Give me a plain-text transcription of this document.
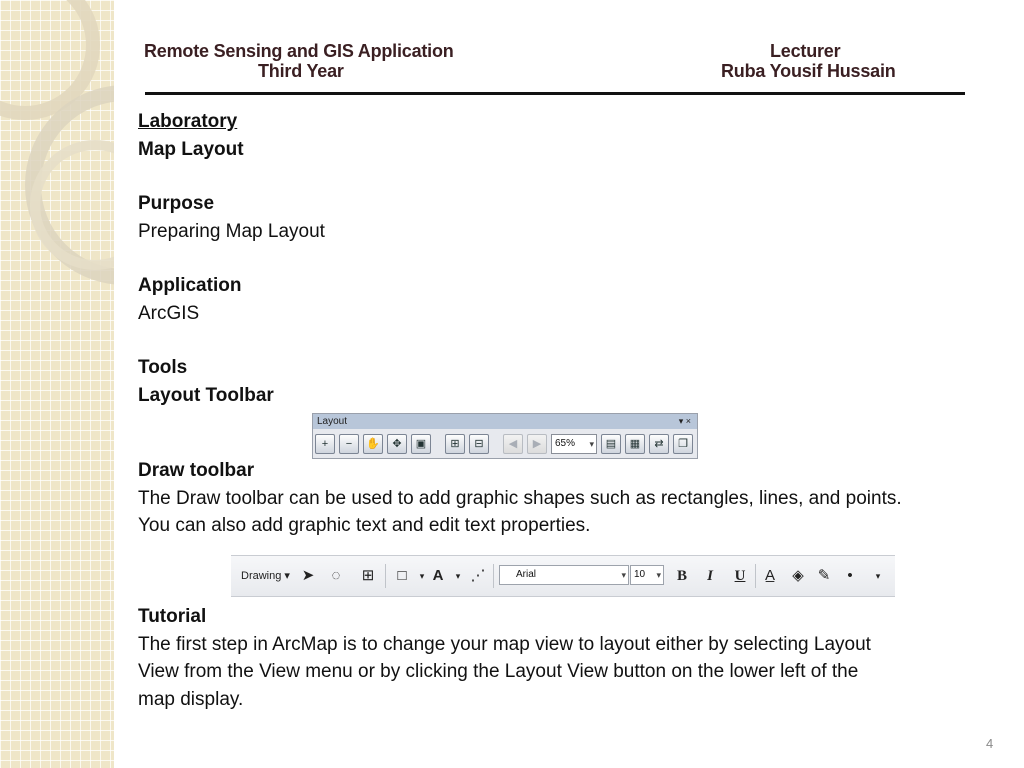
Remote Sensing and GIS Application
Third Year
Lecturer
Ruba Yousif Hussain
Laboratory
Map Layout
Purpose
Preparing Map Layout
Application
ArcGIS
Tools
Layout Toolbar
Layout	▾ ×
+	−	✋	✥	▣	⊞	⊟	◀	▶	65% ▾	▤	▦	⇄	❐
Draw toolbar
The Draw toolbar can be used to add graphic shapes such as rectangles, lines, and points.
You can also add graphic text and edit text properties.
Drawing ▾ ➤	◌	⊞	□	▾ A	▾ ⋰	Arial	▾ 10 ▾	B	I	U	A̲	◈ ✎	•	▾
Tutorial
The first step in ArcMap is to change your map view to layout either by selecting Layout
View from the View menu or by clicking the Layout View button on the lower left of the
map display.
4
